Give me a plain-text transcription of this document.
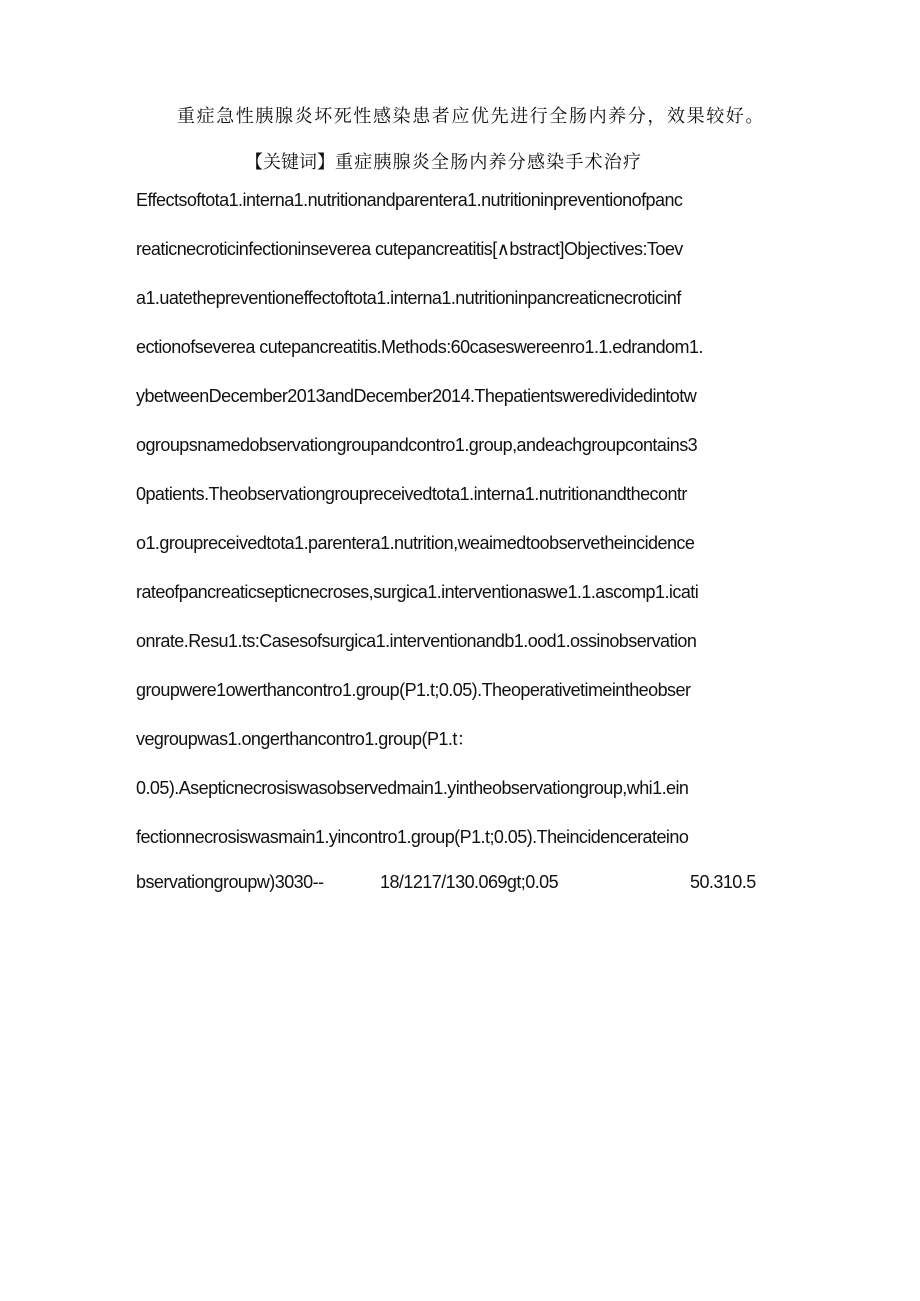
重症急性胰腺炎坏死性感染患者应优先进行全肠内养分，效果较好。
【关键词】重症胰腺炎全肠内养分感染手术治疗
Effectsoftota1.interna1.nutritionandparentera1.nutritioninpreventionofpanc
reaticnecroticinfectioninseverea cutepancreatitis[∧bstract]Objectives:Toev
a1.uatethepreventioneffectoftota1.interna1.nutritioninpancreaticnecroticinf
ectionofseverea cutepancreatitis.Methods:60caseswereenro1.1.edrandom1.
ybetweenDecember2013andDecember2014.Thepatientsweredividedintotw
ogroupsnamedobservationgroupandcontro1.group,andeachgroupcontains3
0patients.Theobservationgroupreceivedtota1.interna1.nutritionandthecontr
o1.groupreceivedtota1.parentera1.nutrition,weaimedtoobservetheincidence
rateofpancreaticsepticnecroses,surgica1.interventionaswe1.1.ascomp1.icati
onrate.Resu1.ts:Casesofsurgica1.interventionandb1.ood1.ossinobservation
groupwere1owerthancontro1.group(P1.t;0.05).Theoperativetimeintheobser
vegroupwas1.ongerthancontro1.group(P1.t：
0.05).Asepticnecrosiswasobservedmain1.yintheobservationgroup,whi1.ein
fectionnecrosiswasmain1.yincontro1.group(P1.t;0.05).Theincidencerateino
bservationgroupw)3030--	18/1217/130.069gt;0.05	50.310.5
